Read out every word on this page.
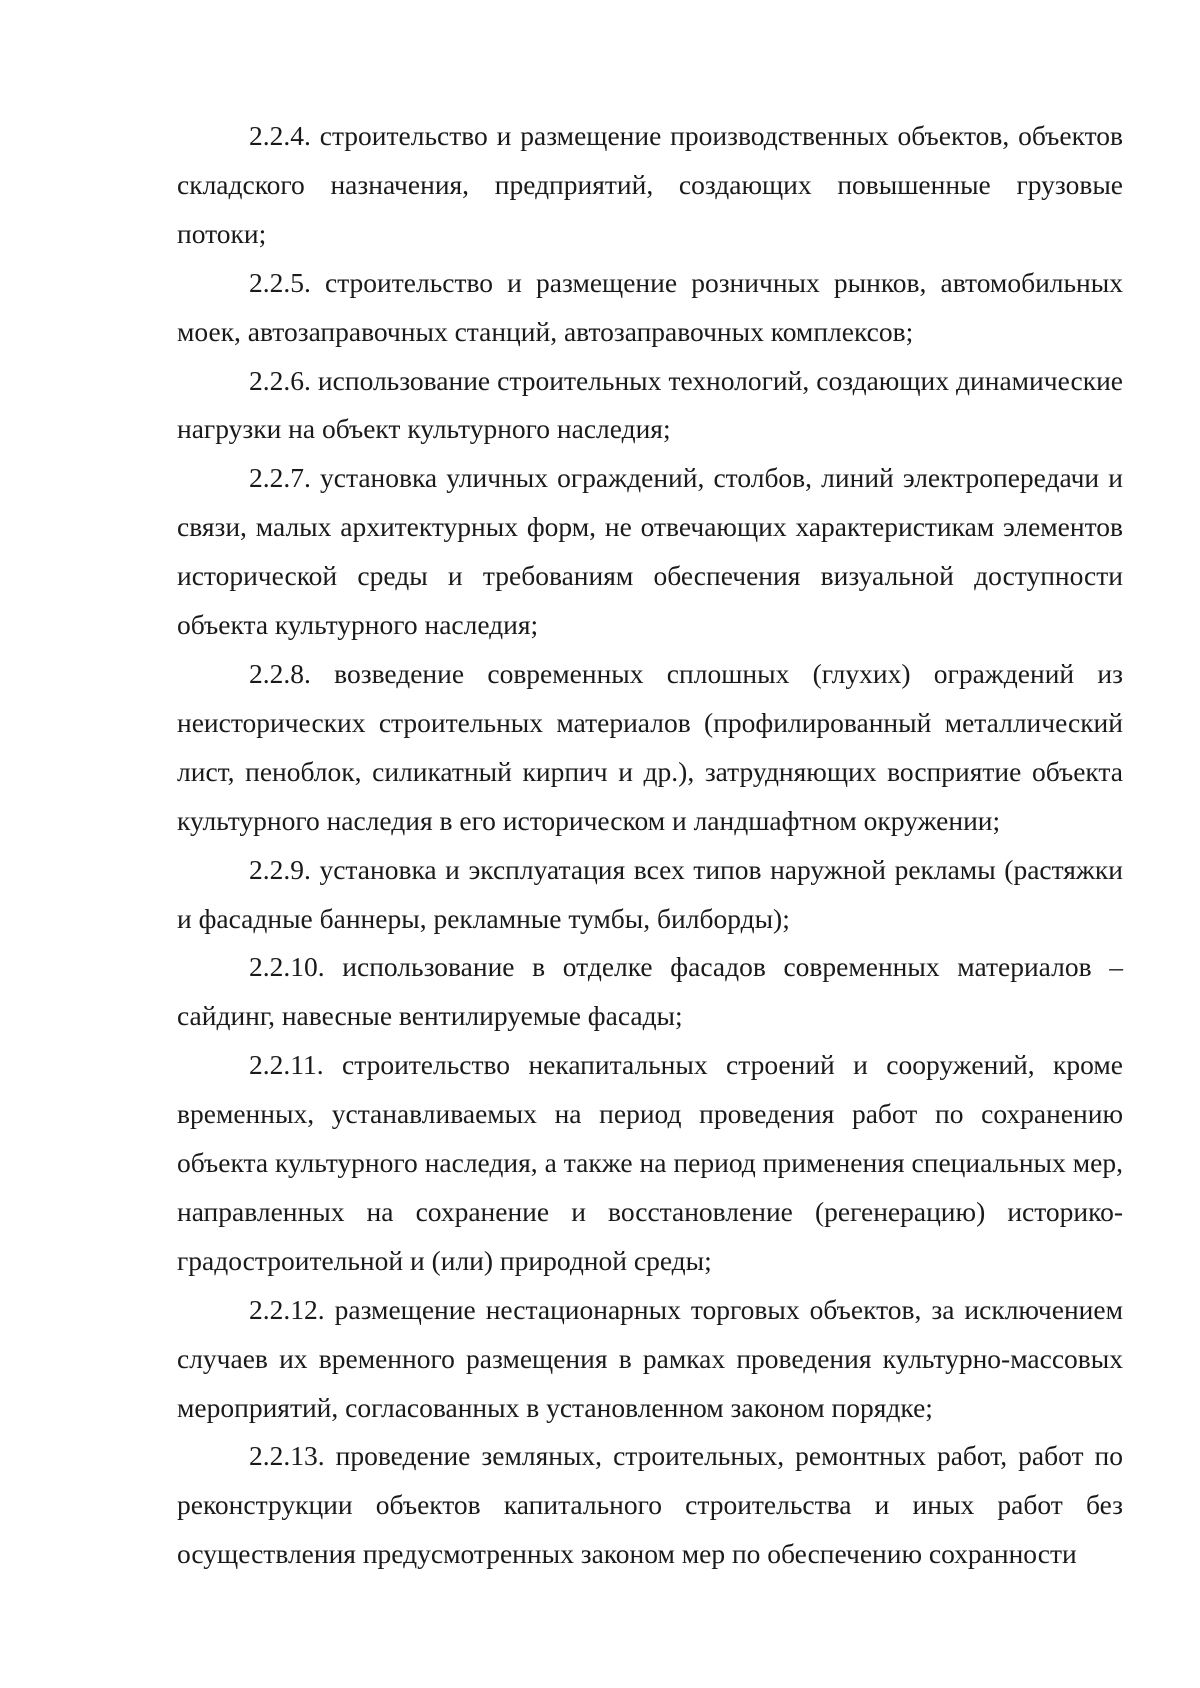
2.2.4. строительство и размещение производственных объектов, объектов складского назначения, предприятий, создающих повышенные грузовые потоки;

2.2.5. строительство и размещение розничных рынков, автомобильных моек, автозаправочных станций, автозаправочных комплексов;

2.2.6. использование строительных технологий, создающих динамические нагрузки на объект культурного наследия;

2.2.7. установка уличных ограждений, столбов, линий электропередачи и связи, малых архитектурных форм, не отвечающих характеристикам элементов исторической среды и требованиям обеспечения визуальной доступности объекта культурного наследия;

2.2.8. возведение современных сплошных (глухих) ограждений из неисторических строительных материалов (профилированный металлический лист, пеноблок, силикатный кирпич и др.), затрудняющих восприятие объекта культурного наследия в его историческом и ландшафтном окружении;

2.2.9. установка и эксплуатация всех типов наружной рекламы (растяжки и фасадные баннеры, рекламные тумбы, билборды);

2.2.10. использование в отделке фасадов современных материалов – сайдинг, навесные вентилируемые фасады;

2.2.11. строительство некапитальных строений и сооружений, кроме временных, устанавливаемых на период проведения работ по сохранению объекта культурного наследия, а также на период применения специальных мер, направленных на сохранение и восстановление (регенерацию) историко-градостроительной и (или) природной среды;

2.2.12. размещение нестационарных торговых объектов, за исключением случаев их временного размещения в рамках проведения культурно-массовых мероприятий, согласованных в установленном законом порядке;

2.2.13. проведение земляных, строительных, ремонтных работ, работ по реконструкции объектов капитального строительства и иных работ без осуществления предусмотренных законом мер по обеспечению сохранности
